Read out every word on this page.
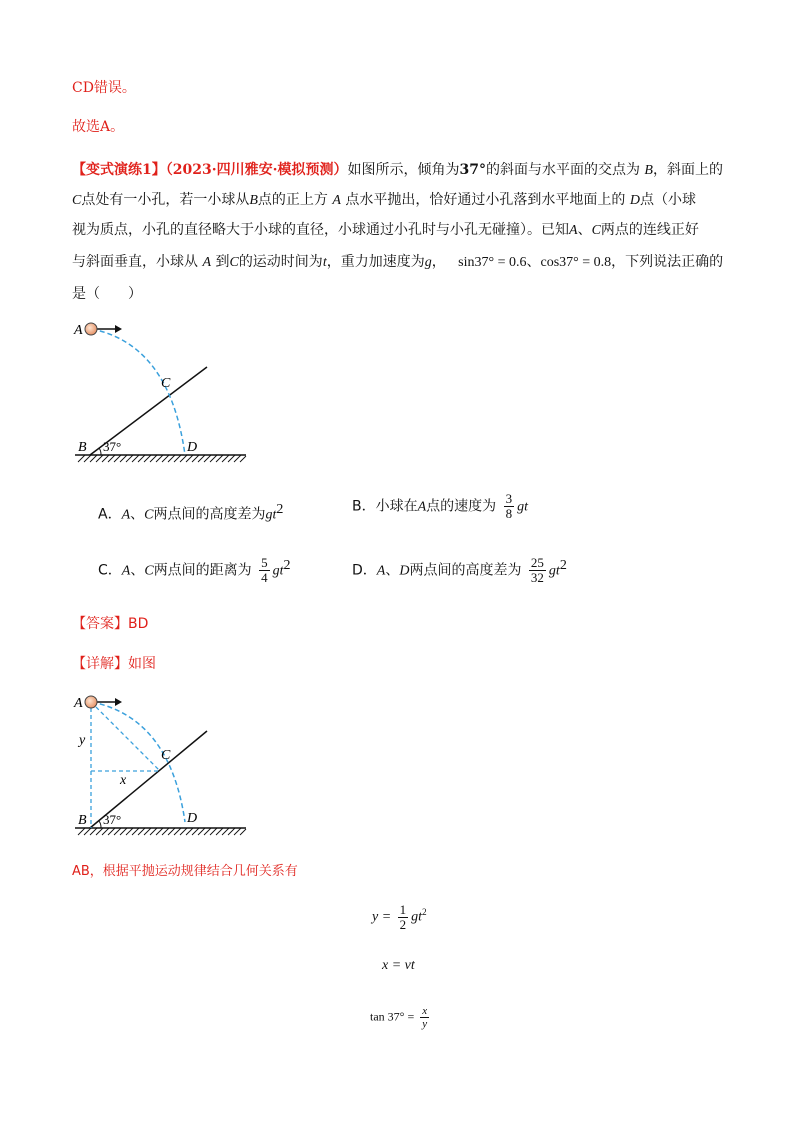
CD错误。
故选A。
【变式演练1】（2023·四川雅安·模拟预测）如图所示，倾角为37°的斜面与水平面的交点为 B，斜面上的
C点处有一小孔，若一小球从B点的正上方 A 点水平抛出，恰好通过小孔落到水平地面上的 D点（小球
视为质点，小孔的直径略大于小球的直径，小球通过小孔时与小孔无碰撞）。已知A、C两点的连线正好
与斜面垂直，小球从 A 到C的运动时间为t，重力加速度为g， sin37° = 0.6、cos37° = 0.8，下列说法正确的
是（　　）
A
C
B	D
37°
A．A、C两点间的高度差为$gt^2$	B．小球在A点的速度为 $\frac{3}{8}$ gt
C．A、C两点间的距离为 $\frac{5}{4} gt^2$	D．A、D两点间的高度差为 $\frac{25}{32} gt^2$
【答案】BD
【详解】如图
A
C
y
x
B	D
37°
AB，根据平抛运动规律结合几何关系有
$y = \frac{1}{2} gt^2$
x = vt
$\tan 37^\circ = \frac{x}{y}$
